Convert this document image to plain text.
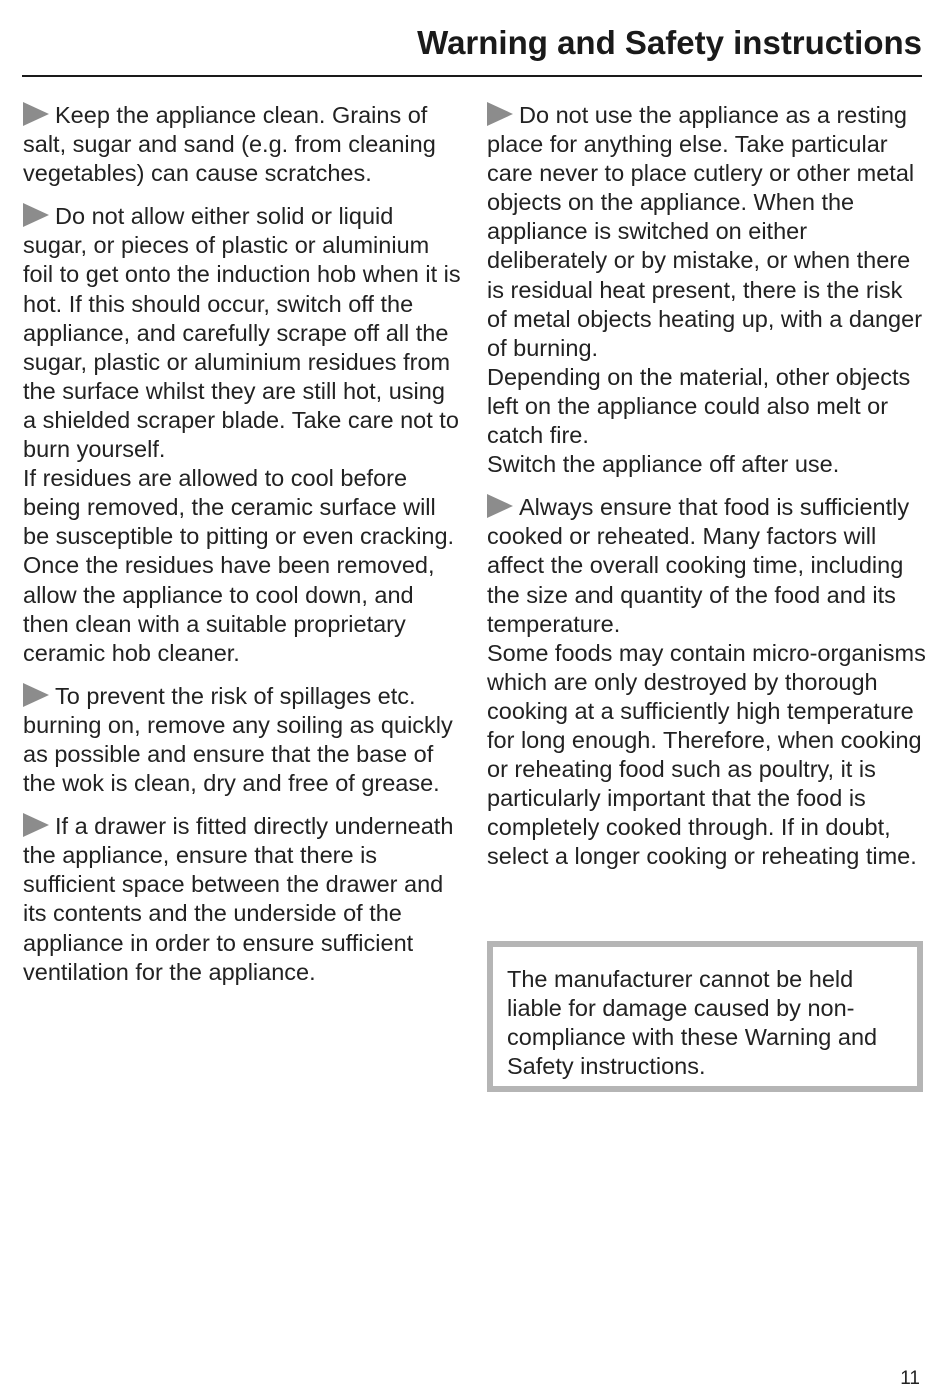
Warning and Safety instructions

Keep the appliance clean. Grains of salt, sugar and sand (e.g. from cleaning vegetables) can cause scratches.

Do not allow either solid or liquid sugar, or pieces of plastic or aluminium foil to get onto the induction hob when it is hot. If this should occur, switch off the appliance, and carefully scrape off all the sugar, plastic or aluminium residues from the surface whilst they are still hot, using a shielded scraper blade. Take care not to burn yourself.

If residues are allowed to cool before being removed, the ceramic surface will be susceptible to pitting or even cracking.

Once the residues have been removed, allow the appliance to cool down, and then clean with a suitable proprietary ceramic hob cleaner.

To prevent the risk of spillages etc. burning on, remove any soiling as quickly as possible and ensure that the base of the wok is clean, dry and free of grease.

If a drawer is fitted directly underneath the appliance, ensure that there is sufficient space between the drawer and its contents and the underside of the appliance in order to ensure sufficient ventilation for the appliance.

Do not use the appliance as a resting place for anything else. Take particular care never to place cutlery or other metal objects on the appliance. When the appliance is switched on either deliberately or by mistake, or when there is residual heat present, there is the risk of metal objects heating up, with a danger of burning.

Depending on the material, other objects left on the appliance could also melt or catch fire.

Switch the appliance off after use.

Always ensure that food is sufficiently cooked or reheated. Many factors will affect the overall cooking time, including the size and quantity of the food and its temperature.

Some foods may contain micro-organisms which are only destroyed by thorough cooking at a sufficiently high temperature for long enough. Therefore, when cooking or reheating food such as poultry, it is particularly important that the food is completely cooked through. If in doubt, select a longer cooking or reheating time.

The manufacturer cannot be held liable for damage caused by non-compliance with these Warning and Safety instructions.

11
